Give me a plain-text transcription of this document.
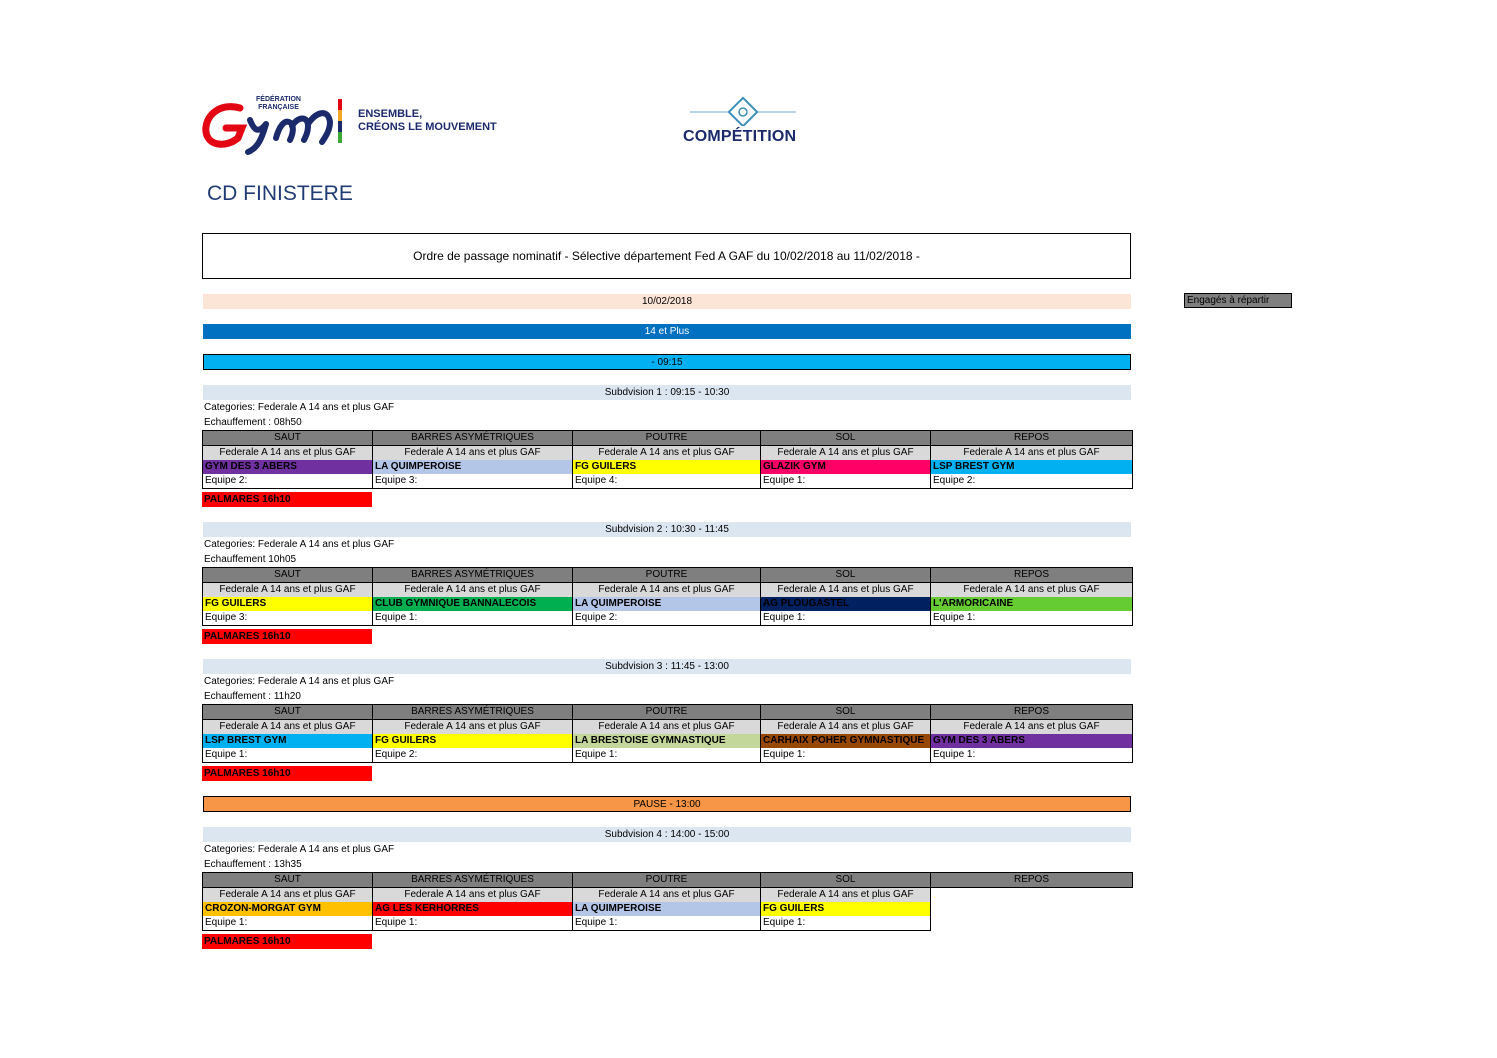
FÉDÉRATION
FRANÇAISE
ENSEMBLE,
CRÉONS LE MOUVEMENT
COMPÉTITION
CD FINISTERE
Ordre de passage nominatif - Sélective département Fed A GAF du 10/02/2018 au 11/02/2018 -
10/02/2018	Engagés à répartir
14 et Plus
- 09:15
Subdvision 1 : 09:15 - 10:30
Categories: Federale A 14 ans et plus GAF
Echauffement : 08h50
SAUT	BARRES ASYMÉTRIQUES	POUTRE	SOL	REPOS
Federale A 14 ans et plus GAF	Federale A 14 ans et plus GAF	Federale A 14 ans et plus GAF	Federale A 14 ans et plus GAF	Federale A 14 ans et plus GAF
GYM DES 3 ABERS	LA QUIMPEROISE	FG GUILERS	GLAZIK GYM	LSP BREST GYM
Equipe 2:	Equipe 3:	Equipe 4:	Equipe 1:	Equipe 2:
PALMARES 16h10
Subdvision 2 : 10:30 - 11:45
Categories: Federale A 14 ans et plus GAF
Echauffement 10h05
SAUT	BARRES ASYMÉTRIQUES	POUTRE	SOL	REPOS
Federale A 14 ans et plus GAF	Federale A 14 ans et plus GAF	Federale A 14 ans et plus GAF	Federale A 14 ans et plus GAF	Federale A 14 ans et plus GAF
FG GUILERS	CLUB GYMNIQUE BANNALECOIS	LA QUIMPEROISE	AG PLOUGASTEL	L'ARMORICAINE
Equipe 3:	Equipe 1:	Equipe 2:	Equipe 1:	Equipe 1:
PALMARES 16h10
Subdvision 3 : 11:45 - 13:00
Categories: Federale A 14 ans et plus GAF
Echauffement : 11h20
SAUT	BARRES ASYMÉTRIQUES	POUTRE	SOL	REPOS
Federale A 14 ans et plus GAF	Federale A 14 ans et plus GAF	Federale A 14 ans et plus GAF	Federale A 14 ans et plus GAF	Federale A 14 ans et plus GAF
LSP BREST GYM	FG GUILERS	LA BRESTOISE GYMNASTIQUE	CARHAIX POHER GYMNASTIQUE	GYM DES 3 ABERS
Equipe 1:	Equipe 2:	Equipe 1:	Equipe 1:	Equipe 1:
PALMARES 16h10
Subdvision 4 : 14:00 - 15:00
Categories: Federale A 14 ans et plus GAF
Echauffement : 13h35
SAUT	BARRES ASYMÉTRIQUES	POUTRE	SOL	REPOS
Federale A 14 ans et plus GAF	Federale A 14 ans et plus GAF	Federale A 14 ans et plus GAF	Federale A 14 ans et plus GAF	
CROZON-MORGAT GYM	AG LES KERHORRES	LA QUIMPEROISE	FG GUILERS	
Equipe 1:	Equipe 1:	Equipe 1:	Equipe 1:	
PALMARES 16h10
PAUSE - 13:00
